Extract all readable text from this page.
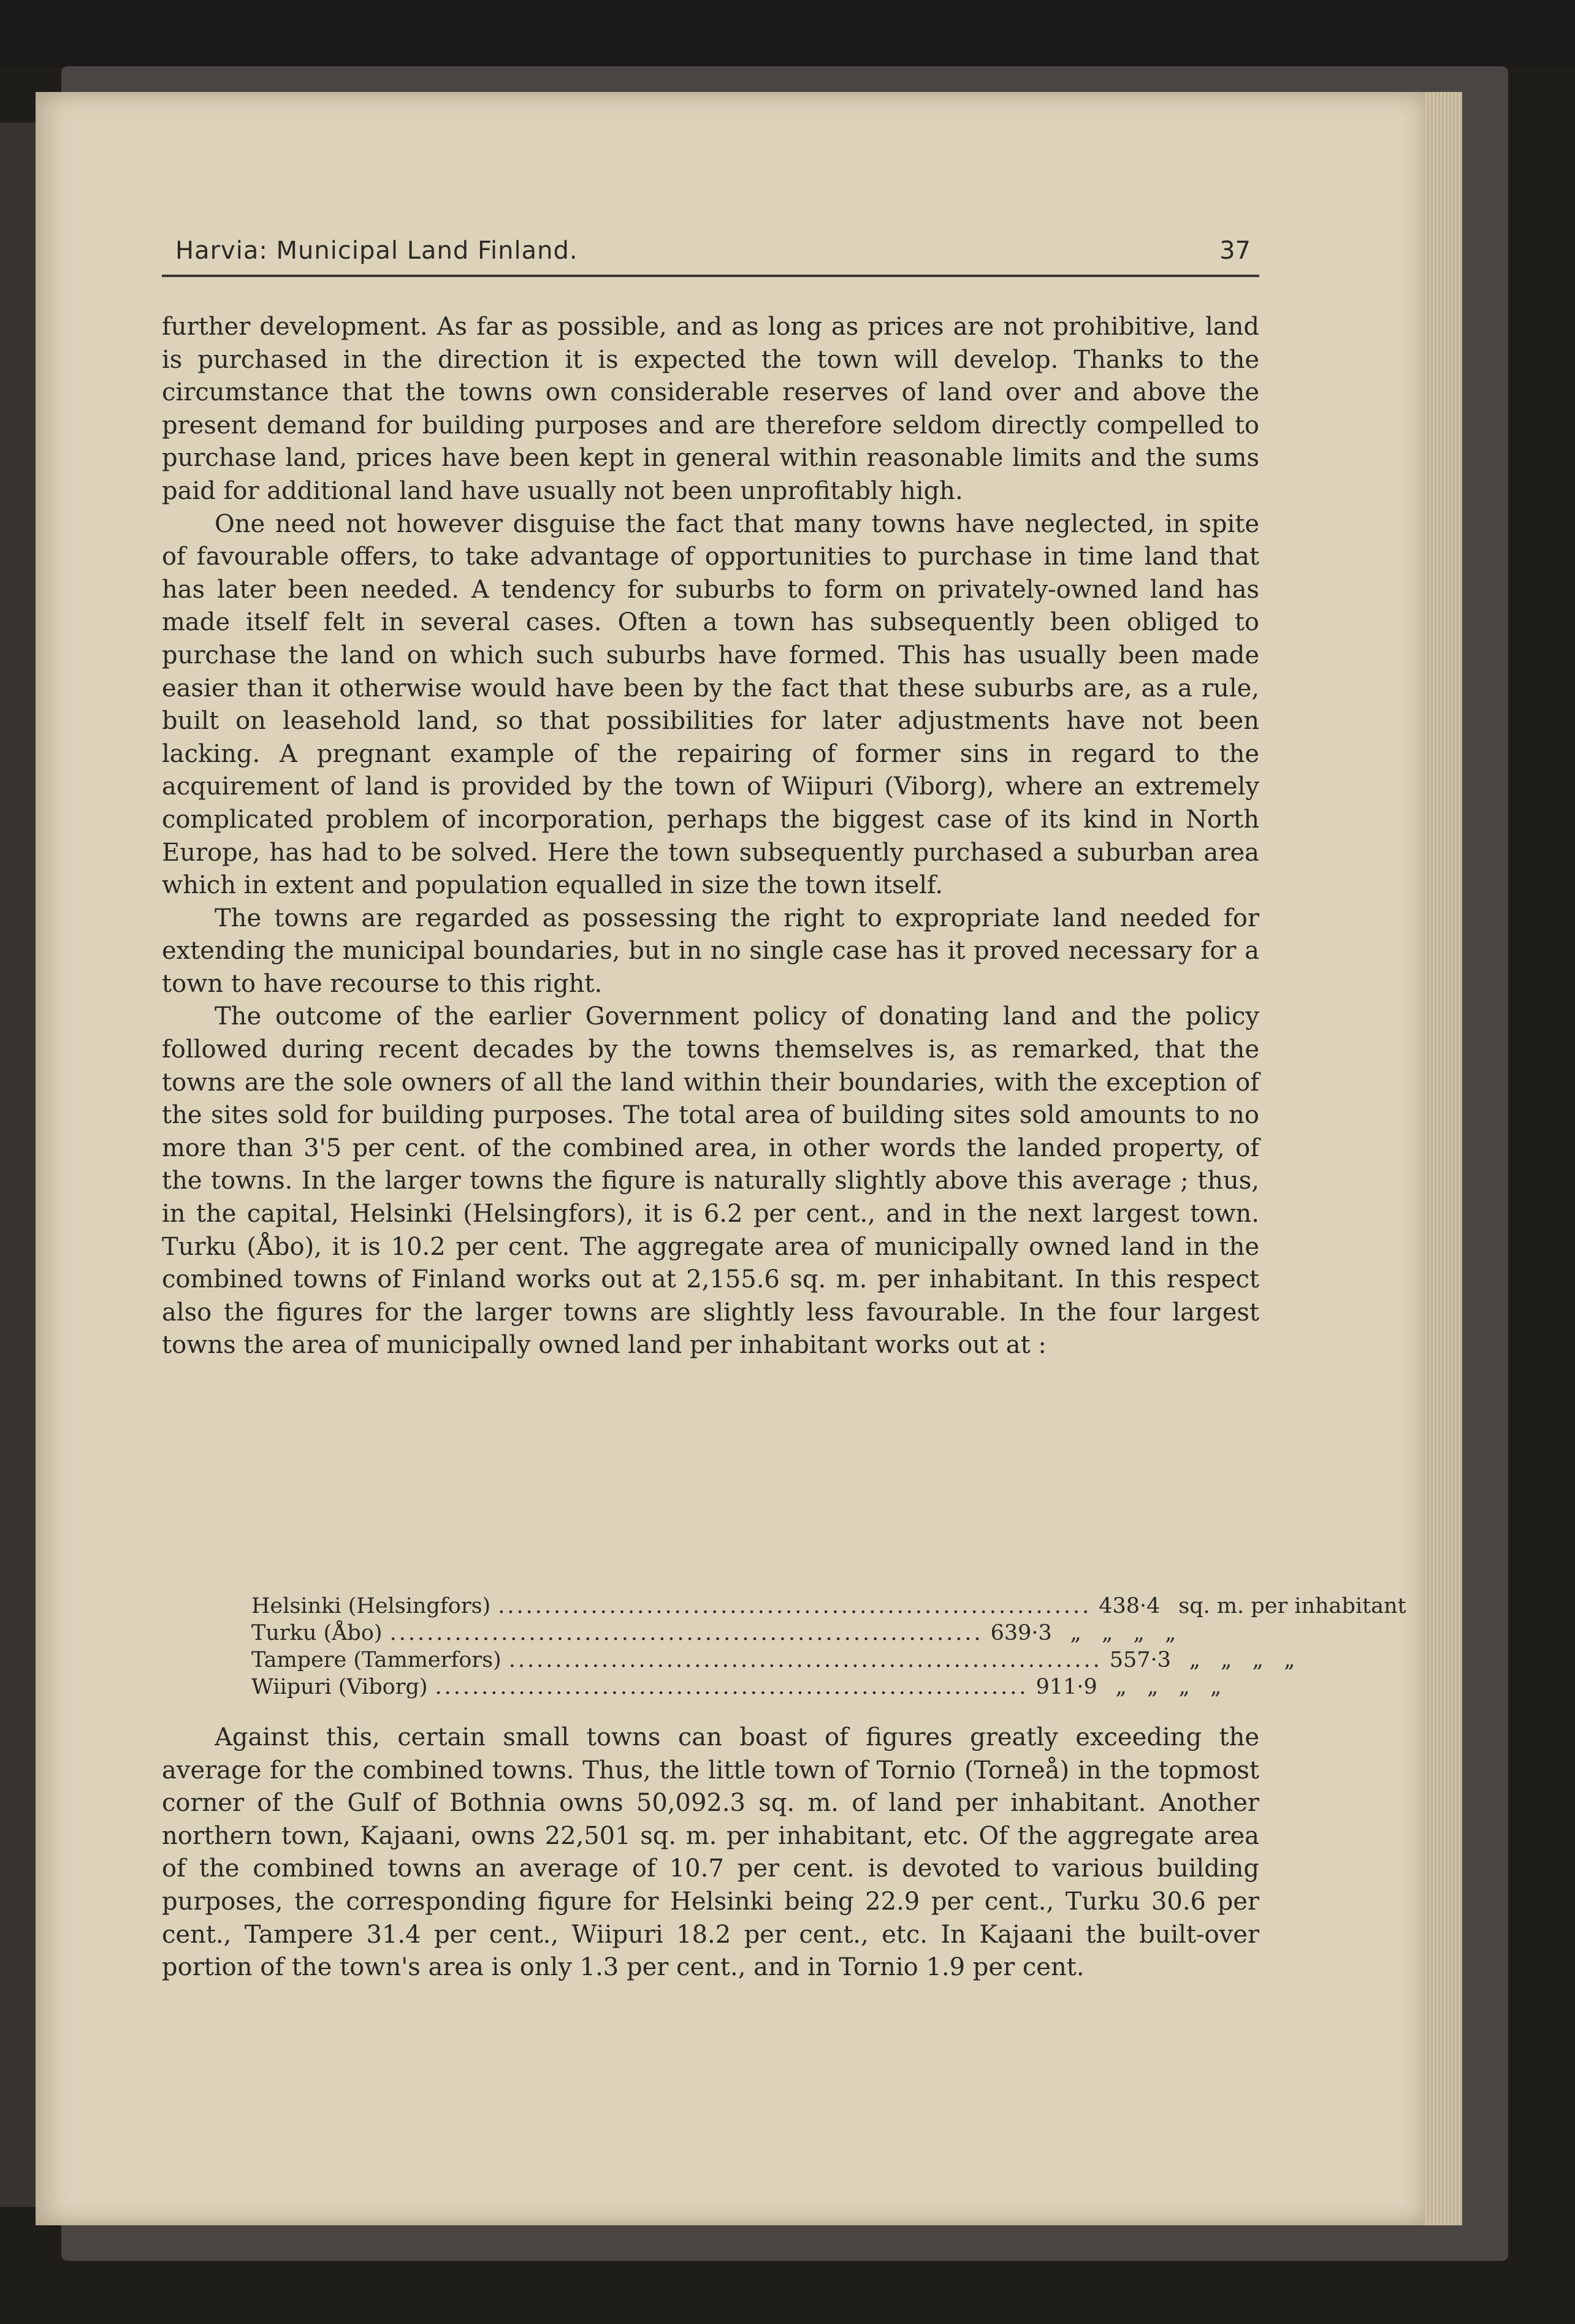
Harvia: Municipal Land Finland.	37

further development. As far as possible, and as long as prices are not prohibitive, land is purchased in the direction it is expected the town will develop. Thanks to the circumstance that the towns own considerable reserves of land over and above the present demand for building purposes and are therefore seldom directly compelled to purchase land, prices have been kept in general within reasonable limits and the sums paid for additional land have usually not been unprofitably high.

One need not however disguise the fact that many towns have neglected, in spite of favourable offers, to take advantage of opportunities to purchase in time land that has later been needed. A tendency for suburbs to form on privately-owned land has made itself felt in several cases. Often a town has subsequently been obliged to purchase the land on which such suburbs have formed. This has usually been made easier than it otherwise would have been by the fact that these suburbs are, as a rule, built on leasehold land, so that possibilities for later adjustments have not been lacking. A pregnant example of the repairing of former sins in regard to the acquirement of land is provided by the town of Wiipuri (Viborg), where an extremely complicated problem of incorporation, perhaps the biggest case of its kind in North Europe, has had to be solved. Here the town subsequently purchased a suburban area which in extent and population equalled in size the town itself.

The towns are regarded as possessing the right to expropriate land needed for extending the municipal boundaries, but in no single case has it proved necessary for a town to have recourse to this right.

The outcome of the earlier Government policy of donating land and the policy followed during recent decades by the towns themselves is, as remarked, that the towns are the sole owners of all the land within their boundaries, with the exception of the sites sold for building purposes. The total area of building sites sold amounts to no more than 3'5 per cent. of the combined area, in other words the landed property, of the towns. In the larger towns the figure is naturally slightly above this average ; thus, in the capital, Helsinki (Helsingfors), it is 6.2 per cent., and in the next largest town. Turku (Åbo), it is 10.2 per cent. The aggregate area of municipally owned land in the combined towns of Finland works out at 2,155.6 sq. m. per inhabitant. In this respect also the figures for the larger towns are slightly less favourable. In the four largest towns the area of municipally owned land per inhabitant works out at :

Helsinki (Helsingfors) ................................................................ 438·4 sq. m. per inhabitant
Turku (Åbo) ................................................................ 639·3 „   „   „   „
Tampere (Tammerfors) ................................................................ 557·3 „   „   „   „
Wiipuri (Viborg) ................................................................ 911·9 „   „   „   „

Against this, certain small towns can boast of figures greatly exceeding the average for the combined towns. Thus, the little town of Tornio (Torneå) in the topmost corner of the Gulf of Bothnia owns 50,092.3 sq. m. of land per inhabitant. Another northern town, Kajaani, owns 22,501 sq. m. per inhabitant, etc. Of the aggregate area of the combined towns an average of 10.7 per cent. is devoted to various building purposes, the corresponding figure for Helsinki being 22.9 per cent., Turku 30.6 per cent., Tampere 31.4 per cent., Wiipuri 18.2 per cent., etc. In Kajaani the built-over portion of the town's area is only 1.3 per cent., and in Tornio 1.9 per cent.
